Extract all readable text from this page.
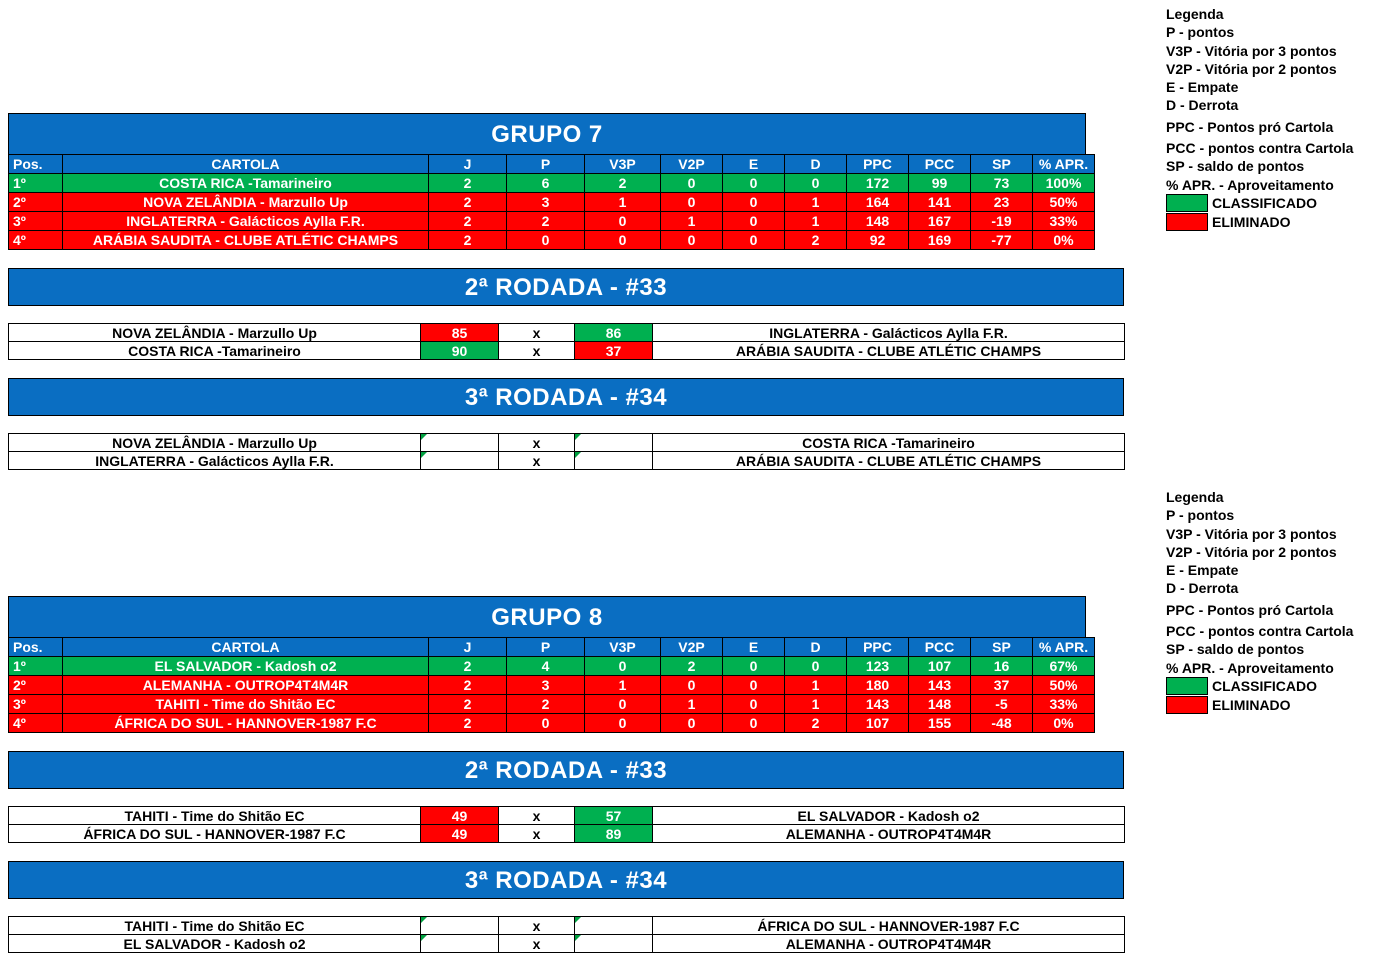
GRUPO 7
Pos.	CARTOLA	J	P	V3P	V2P	E	D	PPC	PCC	SP	% APR.
1º	COSTA RICA -Tamarineiro	2	6	2	0	0	0	172	99	73	100%
2º	NOVA ZELÂNDIA - Marzullo Up	2	3	1	0	0	1	164	141	23	50%
3º	INGLATERRA - Galácticos Aylla F.R.	2	2	0	1	0	1	148	167	-19	33%
4º	ARÁBIA SAUDITA - CLUBE ATLÉTIC CHAMPS	2	0	0	0	0	2	92	169	-77	0%
2ª RODADA - #33
NOVA ZELÂNDIA - Marzullo Up	85	x	86	INGLATERRA - Galácticos Aylla F.R.
COSTA RICA -Tamarineiro	90	x	37	ARÁBIA SAUDITA - CLUBE ATLÉTIC CHAMPS
3ª RODADA - #34
NOVA ZELÂNDIA - Marzullo Up		x		COSTA RICA -Tamarineiro
INGLATERRA - Galácticos Aylla F.R.		x		ARÁBIA SAUDITA - CLUBE ATLÉTIC CHAMPS
Legenda
P - pontos
V3P - Vitória por 3 pontos
V2P - Vitória por 2 pontos
E - Empate
D - Derrota
PPC - Pontos pró Cartola
PCC - pontos contra Cartola
SP - saldo de pontos
% APR. - Aproveitamento
CLASSIFICADO
ELIMINADO
GRUPO 8
Pos.	CARTOLA	J	P	V3P	V2P	E	D	PPC	PCC	SP	% APR.
1º	EL SALVADOR - Kadosh o2	2	4	0	2	0	0	123	107	16	67%
2º	ALEMANHA - OUTROP4T4M4R	2	3	1	0	0	1	180	143	37	50%
3º	TAHITI - Time do Shitão EC	2	2	0	1	0	1	143	148	-5	33%
4º	ÁFRICA DO SUL - HANNOVER-1987 F.C	2	0	0	0	0	2	107	155	-48	0%
2ª RODADA - #33
TAHITI - Time do Shitão EC	49	x	57	EL SALVADOR - Kadosh o2
ÁFRICA DO SUL - HANNOVER-1987 F.C	49	x	89	ALEMANHA - OUTROP4T4M4R
3ª RODADA - #34
TAHITI - Time do Shitão EC		x		ÁFRICA DO SUL - HANNOVER-1987 F.C
EL SALVADOR - Kadosh o2		x		ALEMANHA - OUTROP4T4M4R
Legenda
P - pontos
V3P - Vitória por 3 pontos
V2P - Vitória por 2 pontos
E - Empate
D - Derrota
PPC - Pontos pró Cartola
PCC - pontos contra Cartola
SP - saldo de pontos
% APR. - Aproveitamento
CLASSIFICADO
ELIMINADO
